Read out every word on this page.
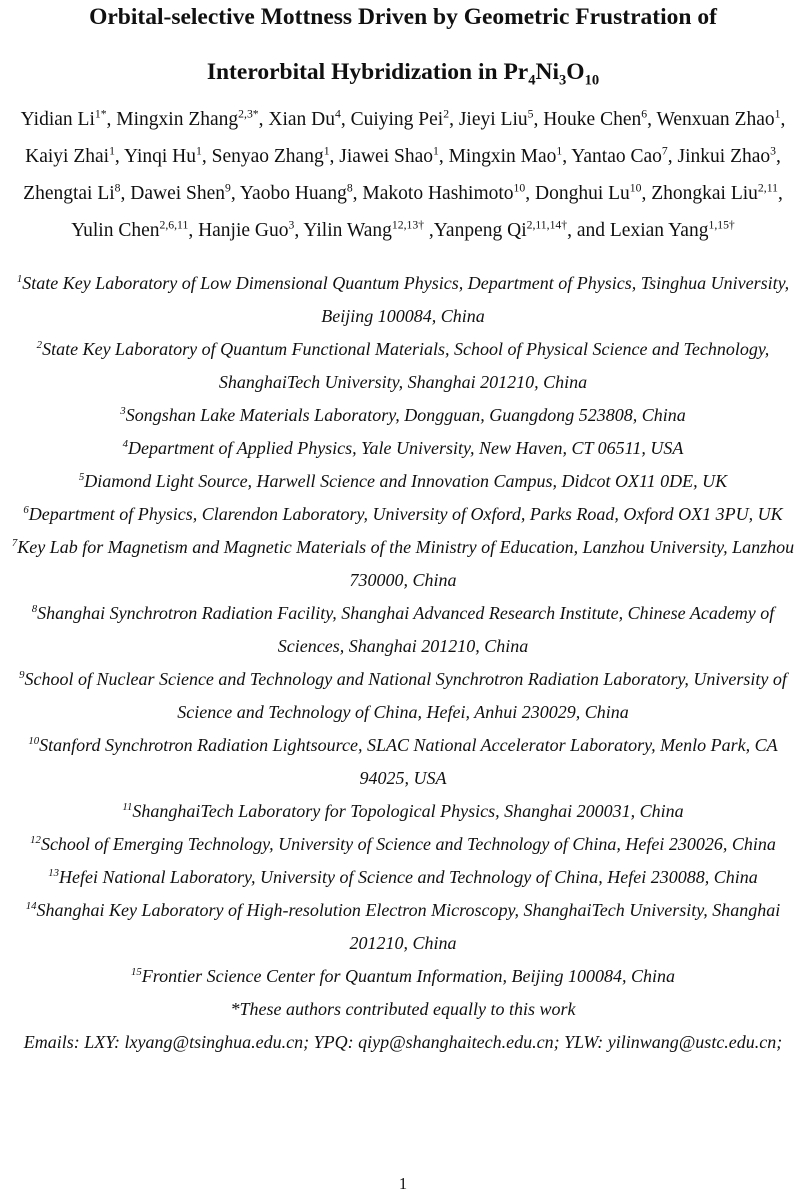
Orbital-selective Mottness Driven by Geometric Frustration of
Interorbital Hybridization in $Pr_4Ni_3O_{10}$
Yidian $Li^{1*}$, Mingxin Zhang$^{2,3*}$, Xian Du$^4$, Cuiying Pei$^2$, Jieyi Liu$^5$, Houke Chen$^6$, Wenxuan Zhao$^1$, Kaiyi Zhai$^1$, Yinqi Hu$^1$, Senyao Zhang$^1$, Jiawei Shao$^1$, Mingxin Mao$^1$, Yantao Cao$^7$, Jinkui Zhao$^3$, Zhengtai Li$^8$, Dawei Shen$^9$, Yaobo Huang$^8$, Makoto Hashimoto$^{10}$, Donghui Lu$^{10}$, Zhongkai Liu$^{2,11}$, Yulin Chen$^{2,6,11}$, Hanjie Guo$^3$, Yilin Wang$^{12,13\dagger}$ ,Yanpeng $Qi^{2,11,14\dagger}$, and Lexian Yang$^{1,15\dagger}$

$^1$State Key Laboratory of Low Dimensional Quantum Physics, Department of Physics, Tsinghua University, Beijing 100084, China

$^2$State Key Laboratory of Quantum Functional Materials, School of Physical Science and Technology, ShanghaiTech University, Shanghai 201210, China

$^3$Songshan Lake Materials Laboratory, Dongguan, Guangdong 523808, China

$^4$Department of Applied Physics, Yale University, New Haven, CT 06511, USA

$^5$Diamond Light Source, Harwell Science and Innovation Campus, Didcot OX11 0DE, UK

$^6$Department of Physics, Clarendon Laboratory, University of Oxford, Parks Road, Oxford OX1 3PU, UK

$^7$Key Lab for Magnetism and Magnetic Materials of the Ministry of Education, Lanzhou University, Lanzhou 730000, China

$^8$Shanghai Synchrotron Radiation Facility, Shanghai Advanced Research Institute, Chinese Academy of Sciences, Shanghai 201210, China

$^9$School of Nuclear Science and Technology and National Synchrotron Radiation Laboratory, University of Science and Technology of China, Hefei, Anhui 230029, China

$^{10}$Stanford Synchrotron Radiation Lightsource, SLAC National Accelerator Laboratory, Menlo Park, CA 94025, USA

$^{11}$ShanghaiTech Laboratory for Topological Physics, Shanghai 200031, China

$^{12}$School of Emerging Technology, University of Science and Technology of China, Hefei 230026, China

$^{13}$Hefei National Laboratory, University of Science and Technology of China, Hefei 230088, China

$^{14}$Shanghai Key Laboratory of High-resolution Electron Microscopy, ShanghaiTech University, Shanghai 201210, China

$^{15}$Frontier Science Center for Quantum Information, Beijing 100084, China

*These authors contributed equally to this work

Emails: LXY: lxyang@tsinghua.edu.cn; YPQ: qiyp@shanghaitech.edu.cn; YLW: yilinwang@ustc.edu.cn;

1
